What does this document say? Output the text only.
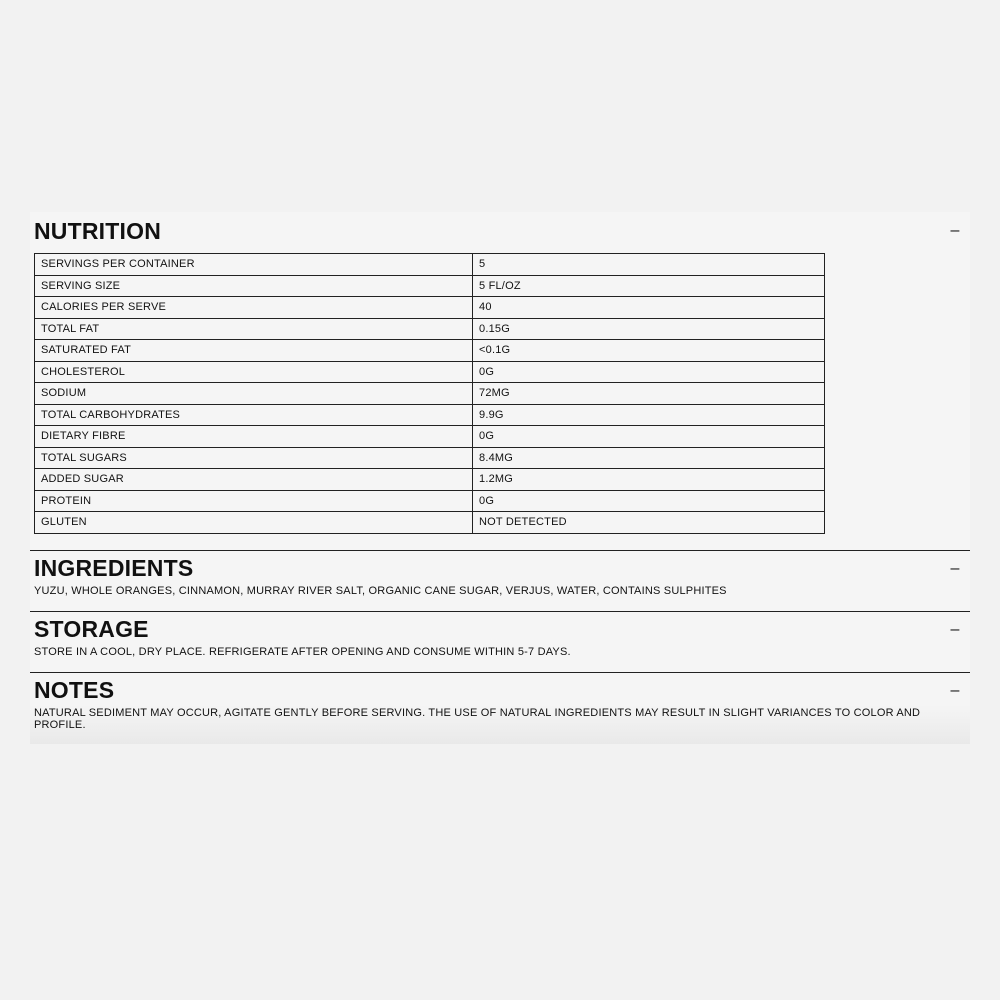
NUTRITION	–
SERVINGS PER CONTAINER	5
SERVING SIZE	5 FL/OZ
CALORIES PER SERVE	40
TOTAL FAT	0.15G
SATURATED FAT	<0.1G
CHOLESTEROL	0G
SODIUM	72MG
TOTAL CARBOHYDRATES	9.9G
DIETARY FIBRE	0G
TOTAL SUGARS	8.4MG
ADDED SUGAR	1.2MG
PROTEIN	0G
GLUTEN	NOT DETECTED
INGREDIENTS	–
YUZU, WHOLE ORANGES, CINNAMON, MURRAY RIVER SALT, ORGANIC CANE SUGAR, VERJUS, WATER, CONTAINS SULPHITES
STORAGE	–
STORE IN A COOL, DRY PLACE. REFRIGERATE AFTER OPENING AND CONSUME WITHIN 5-7 DAYS.
NOTES	–
NATURAL SEDIMENT MAY OCCUR, AGITATE GENTLY BEFORE SERVING. THE USE OF NATURAL INGREDIENTS MAY RESULT IN SLIGHT VARIANCES TO COLOR AND PROFILE.
